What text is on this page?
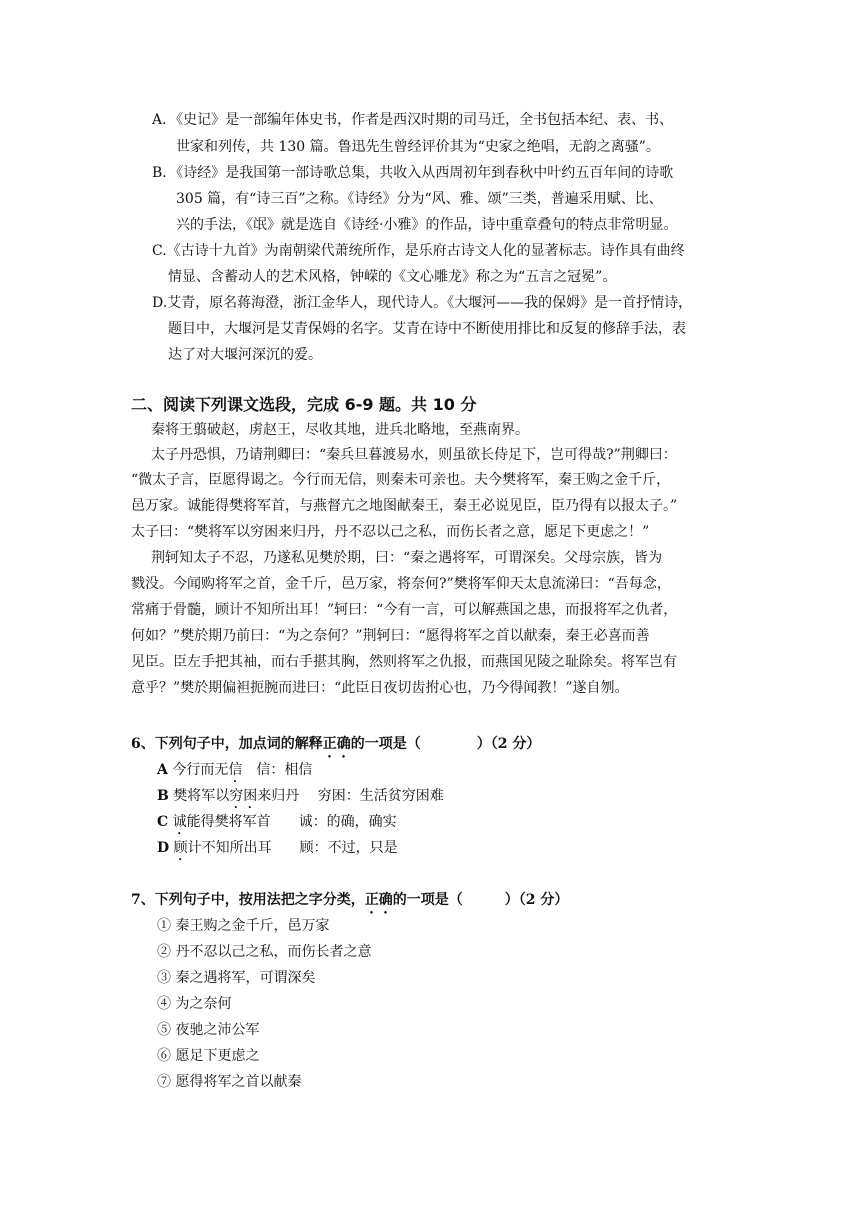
A．《史记》是一部编年体史书，作者是西汉时期的司马迁，全书包括本纪、表、书、
世家和列传，共 130 篇。鲁迅先生曾经评价其为“史家之绝唱，无韵之离骚”。
B．《诗经》是我国第一部诗歌总集，共收入从西周初年到春秋中叶约五百年间的诗歌
305 篇，有“诗三百”之称。《诗经》分为“风、雅、颂”三类，普遍采用赋、比、
兴的手法，《氓》就是选自《诗经·小雅》的作品，诗中重章叠句的特点非常明显。
C.《古诗十九首》为南朝梁代萧统所作，是乐府古诗文人化的显著标志。诗作具有曲终
情显、含蓄动人的艺术风格，钟嵘的《文心雕龙》称之为“五言之冠冕”。
D.艾青，原名蒋海澄，浙江金华人，现代诗人。《大堰河——我的保姆》是一首抒情诗，
题目中，大堰河是艾青保姆的名字。艾青在诗中不断使用排比和反复的修辞手法，表
达了对大堰河深沉的爱。
二、阅读下列课文选段，完成 6-9 题。共 10 分
秦将王翦破赵，虏赵王，尽收其地，进兵北略地，至燕南界。
太子丹恐惧，乃请荆卿曰：“秦兵旦暮渡易水，则虽欲长侍足下，岂可得哉?”荆卿曰：
“微太子言，臣愿得谒之。今行而无信，则秦未可亲也。夫今樊将军，秦王购之金千斤，
邑万家。诚能得樊将军首，与燕督亢之地图献秦王，秦王必说见臣，臣乃得有以报太子。”
太子曰：“樊将军以穷困来归丹，丹不忍以己之私，而伤长者之意，愿足下更虑之！”
荆轲知太子不忍，乃遂私见樊於期，曰：“秦之遇将军，可谓深矣。父母宗族，皆为
戮没。今闻购将军之首，金千斤，邑万家，将奈何?”樊将军仰天太息流涕曰：“吾每念，
常痛于骨髓，顾计不知所出耳！”轲曰：“今有一言，可以解燕国之患，而报将军之仇者，
何如？”樊於期乃前曰：“为之奈何？”荆轲曰：“愿得将军之首以献秦，秦王必喜而善
见臣。臣左手把其袖，而右手揕其胸，然则将军之仇报，而燕国见陵之耻除矣。将军岂有
意乎？”樊於期偏袒扼腕而进曰：“此臣日夜切齿拊心也，乃今得闻教！”遂自刎。
6、下列句子中，加点词的解释正确的一项是（　　　　）（2 分）
A 今行而无信　信：相信
B 樊将军以穷困来归丹　 穷困：生活贫穷困难
C 诚能得樊将军首　　诚：的确，确实
D 顾计不知所出耳　　顾：不过，只是
7、下列句子中，按用法把之字分类，正确的一项是（　　　）（2 分）
① 秦王购之金千斤，邑万家
② 丹不忍以己之私，而伤长者之意
③ 秦之遇将军，可谓深矣
④ 为之奈何
⑤ 夜驰之沛公军
⑥ 愿足下更虑之
⑦ 愿得将军之首以献秦
